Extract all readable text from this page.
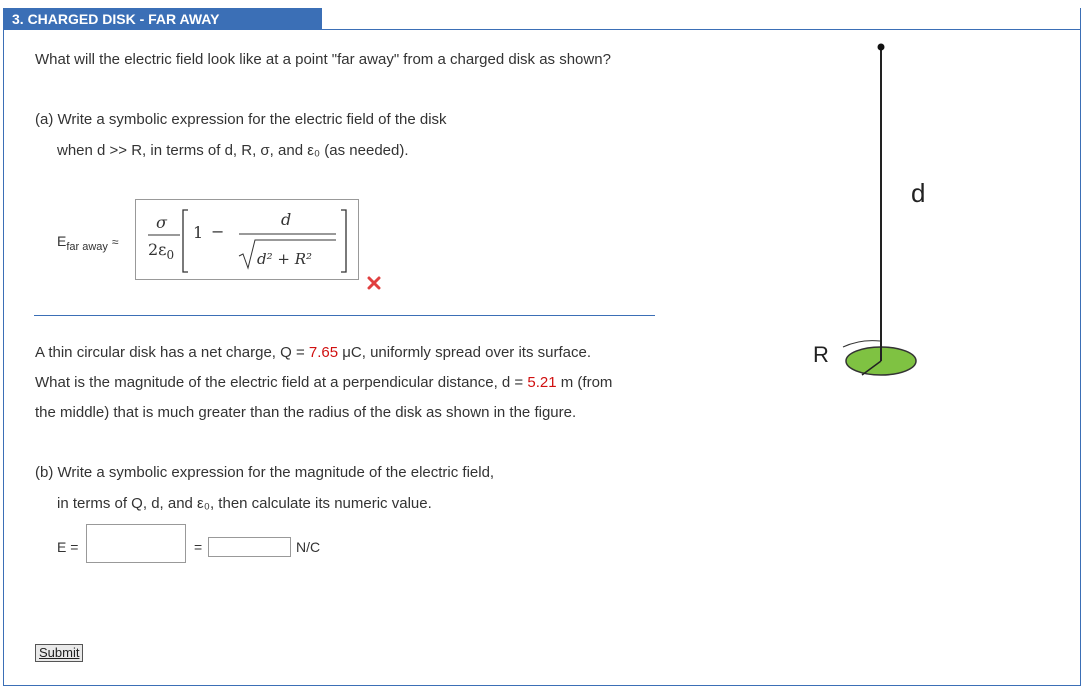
3. CHARGED DISK - FAR AWAY
What will the electric field look like at a point "far away" from a charged disk as shown?
(a) Write a symbolic expression for the electric field of the disk
when d >> R, in terms of d, R, σ, and ε₀ (as needed).
$E_{far away}$ ≈
σ
$2\varepsilon_0$
1 −
d
d² + R²
A thin circular disk has a net charge, Q = 7.65 μC, uniformly spread over its surface.
What is the magnitude of the electric field at a perpendicular distance, d = 5.21 m (from
the middle) that is much greater than the radius of the disk as shown in the figure.
(b) Write a symbolic expression for the magnitude of the electric field,
in terms of Q, d, and ε₀, then calculate its numeric value.
E =	=	N/C
Submit
d
R
